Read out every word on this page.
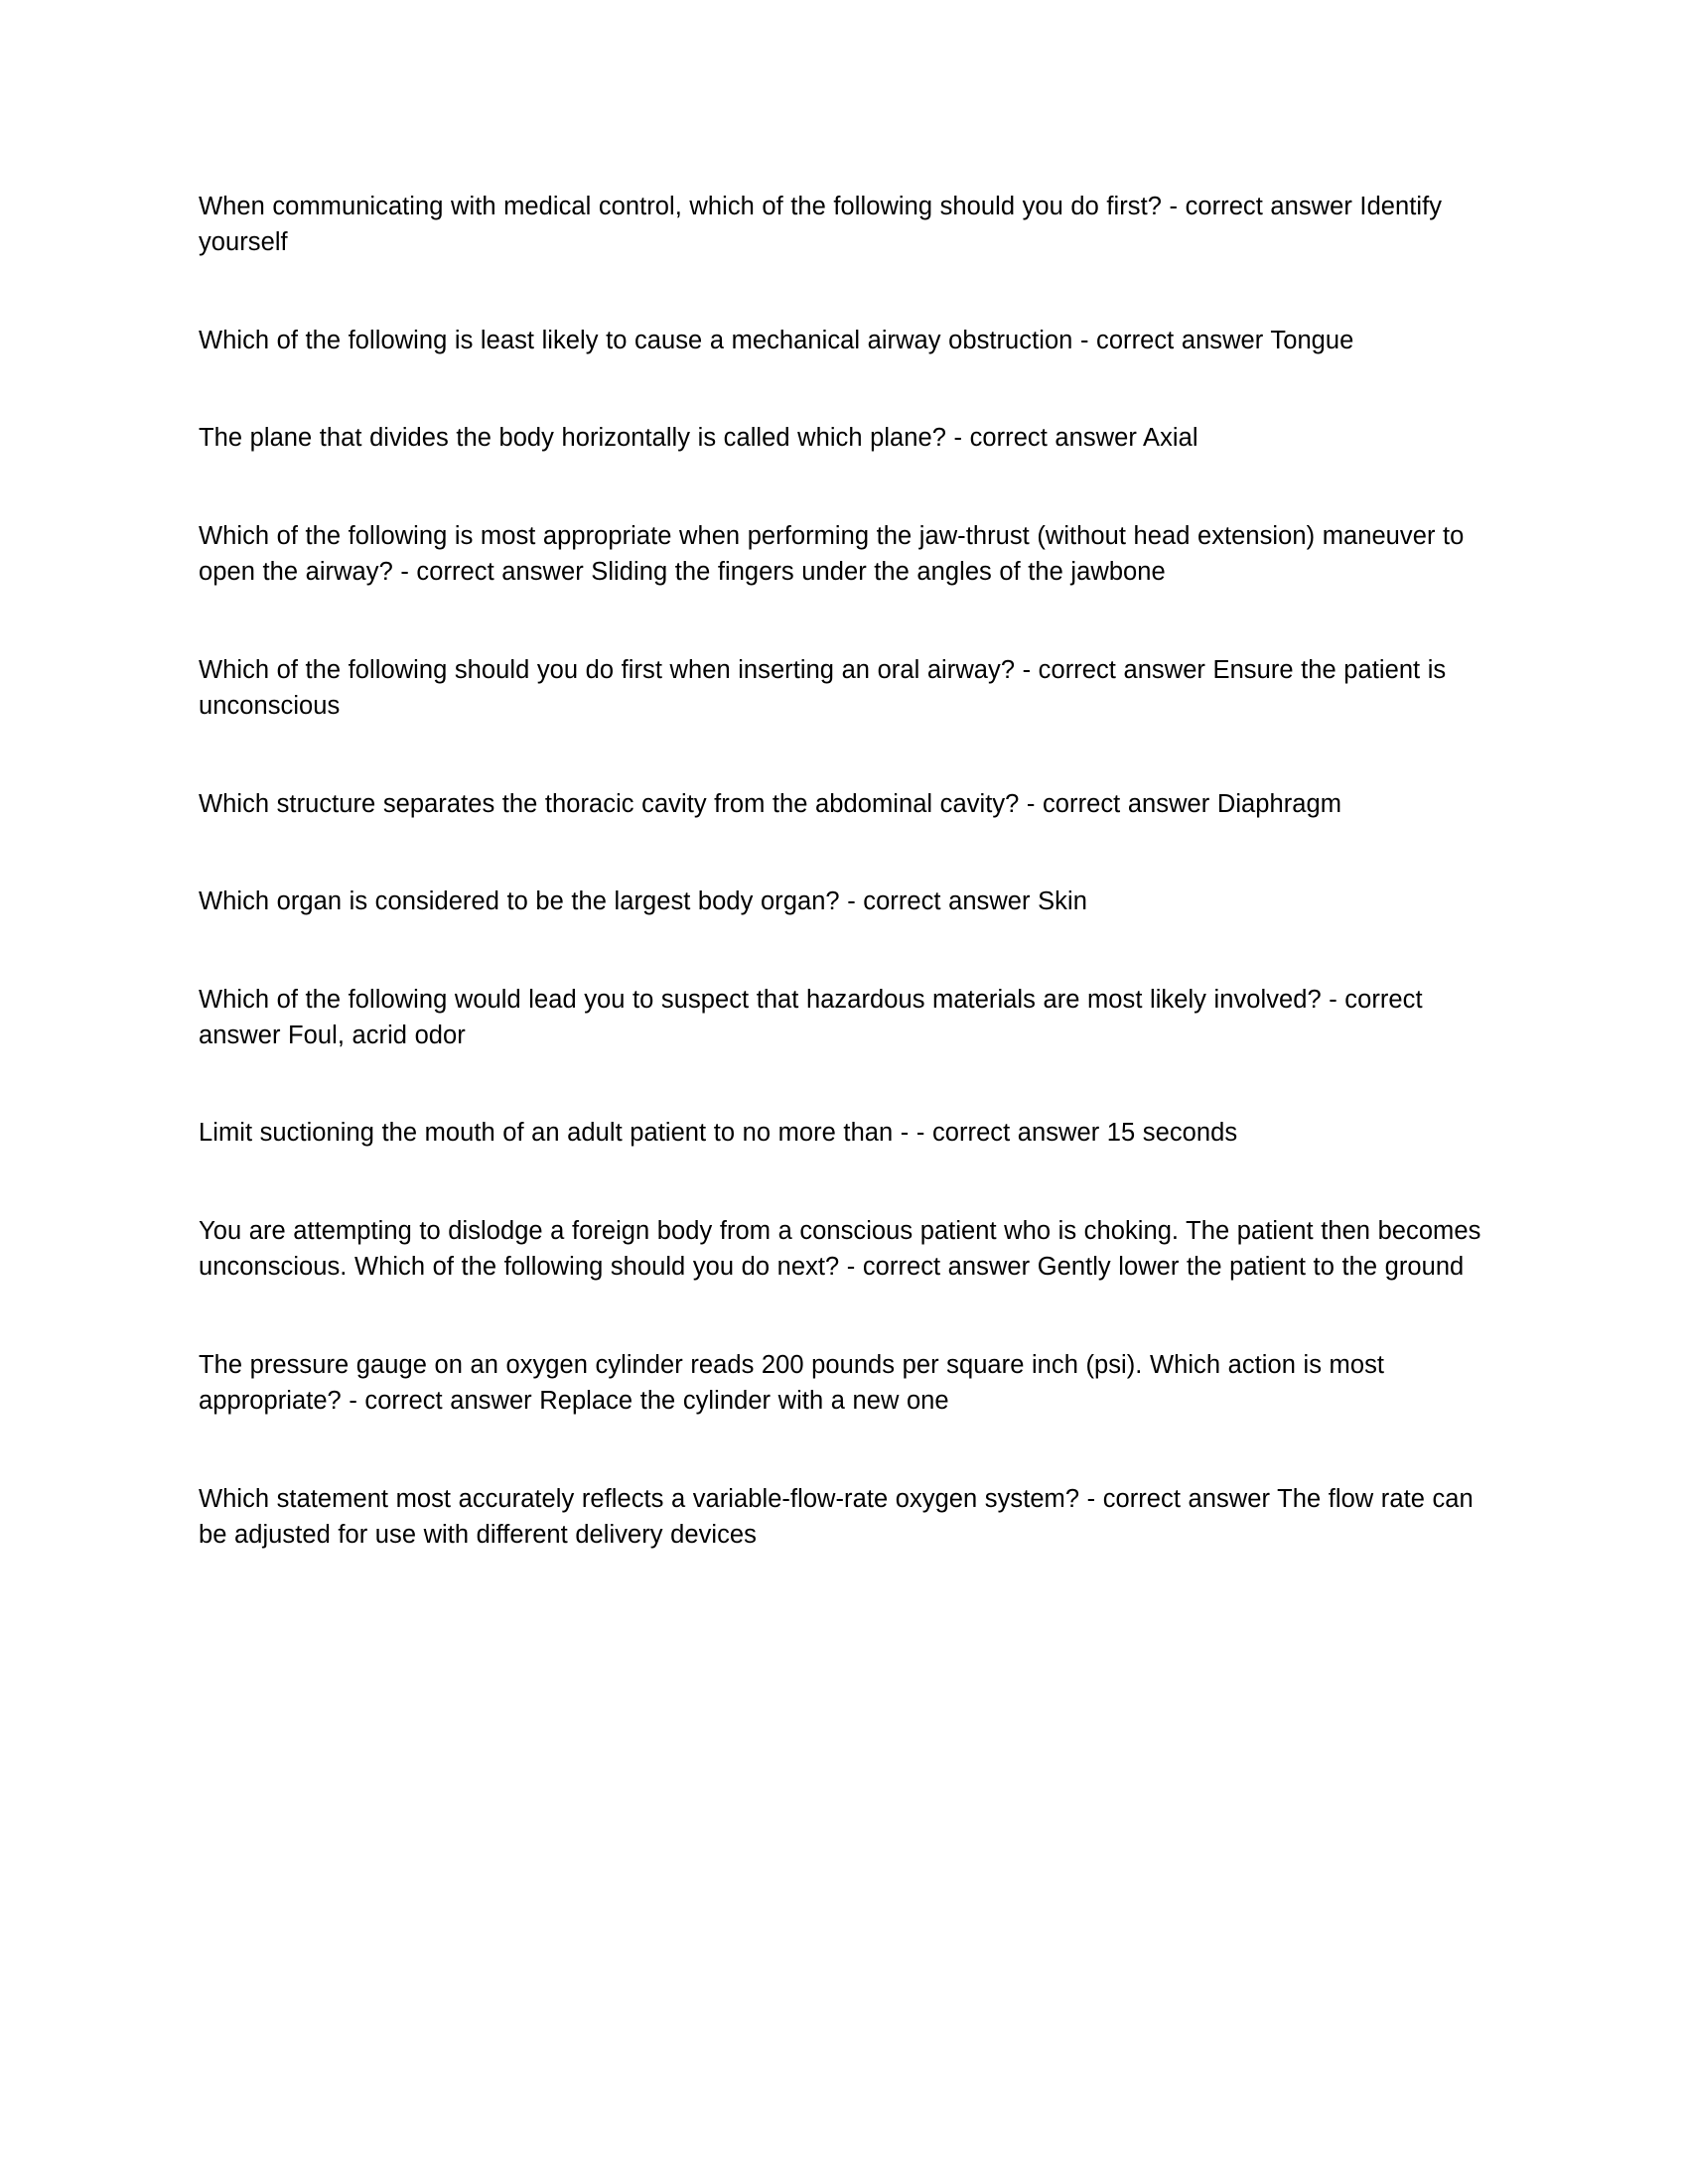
When communicating with medical control, which of the following should you do first? - correct answer Identify yourself

Which of the following is least likely to cause a mechanical airway obstruction - correct answer Tongue

The plane that divides the body horizontally is called which plane? - correct answer Axial

Which of the following is most appropriate when performing the jaw-thrust (without head extension) maneuver to open the airway? - correct answer Sliding the fingers under the angles of the jawbone

Which of the following should you do first when inserting an oral airway? - correct answer Ensure the patient is unconscious

Which structure separates the thoracic cavity from the abdominal cavity? - correct answer Diaphragm

Which organ is considered to be the largest body organ? - correct answer Skin

Which of the following would lead you to suspect that hazardous materials are most likely involved? - correct answer Foul, acrid odor

Limit suctioning the mouth of an adult patient to no more than - - correct answer 15 seconds

You are attempting to dislodge a foreign body from a conscious patient who is choking. The patient then becomes unconscious. Which of the following should you do next? - correct answer Gently lower the patient to the ground

The pressure gauge on an oxygen cylinder reads 200 pounds per square inch (psi). Which action is most appropriate? - correct answer Replace the cylinder with a new one

Which statement most accurately reflects a variable-flow-rate oxygen system? - correct answer The flow rate can be adjusted for use with different delivery devices
